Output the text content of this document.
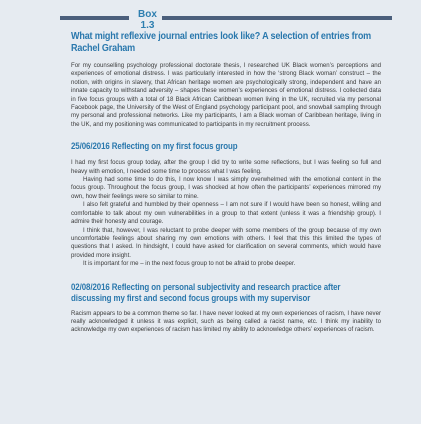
Box 1.3
What might reflexive journal entries look like? A selection of entries from Rachel Graham

For my counselling psychology professional doctorate thesis, I researched UK Black women’s perceptions and experiences of emotional distress. I was particularly interested in how the ‘strong Black woman’ construct – the notion, with origins in slavery, that African heritage women are psychologically strong, independent and have an innate capacity to withstand adversity – shapes these women’s experiences of emotional distress. I collected data in five focus groups with a total of 18 Black African Caribbean women living in the UK, recruited via my personal Facebook page, the University of the West of England psychology participant pool, and snowball sampling through my personal and professional networks. Like my participants, I am a Black woman of Caribbean heritage, living in the UK, and my positioning was communicated to participants in my recruitment process.

25/06/2016 Reflecting on my first focus group

I had my first focus group today, after the group I did try to write some reflections, but I was feeling so full and heavy with emotion, I needed some time to process what I was feeling.

Having had some time to do this, I now know I was simply overwhelmed with the emotional content in the focus group. Throughout the focus group, I was shocked at how often the participants’ experiences mirrored my own, how their feelings were so similar to mine.

I also felt grateful and humbled by their openness – I am not sure if I would have been so honest, willing and comfortable to talk about my own vulnerabilities in a group to that extent (unless it was a friendship group). I admire their honesty and courage.

I think that, however, I was reluctant to probe deeper with some members of the group because of my own uncomfortable feelings about sharing my own emotions with others. I feel that this this limited the types of questions that I asked. In hindsight, I could have asked for clarification on several comments, which would have provided more insight.

It is important for me – in the next focus group to not be afraid to probe deeper.

02/08/2016 Reflecting on personal subjectivity and research practice after discussing my first and second focus groups with my supervisor

Racism appears to be a common theme so far. I have never looked at my own experiences of racism, I have never really acknowledged it unless it was explicit, such as being called a racist name, etc. I think my inability to acknowledge my own experiences of racism has limited my ability to acknowledge others’ experiences of racism.
